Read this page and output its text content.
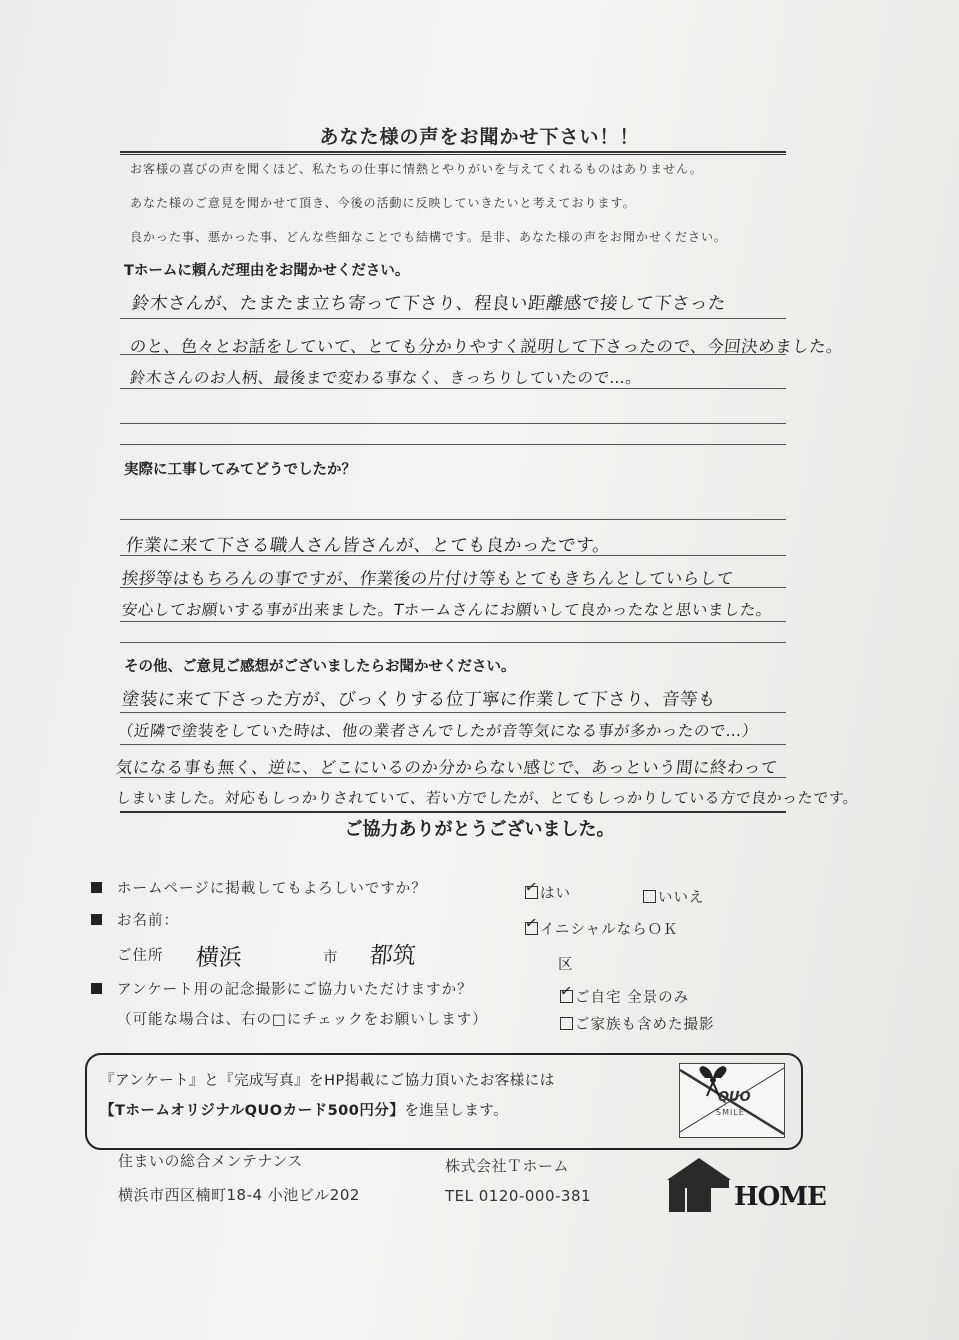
あなた様の声をお聞かせ下さい！！
お客様の喜びの声を聞くほど、私たちの仕事に情熱とやりがいを与えてくれるものはありません。
あなた様のご意見を聞かせて頂き、今後の活動に反映していきたいと考えております。
良かった事、悪かった事、どんな些細なことでも結構です。是非、あなた様の声をお聞かせください。
Tホームに頼んだ理由をお聞かせください。
鈴木さんが、たまたま立ち寄って下さり、程良い距離感で接して下さった
のと、色々とお話をしていて、とても分かりやすく説明して下さったので、今回決めました。
鈴木さんのお人柄、最後まで変わる事なく、きっちりしていたので…。
実際に工事してみてどうでしたか？
作業に来て下さる職人さん皆さんが、とても良かったです。
挨拶等はもちろんの事ですが、作業後の片付け等もとてもきちんとしていらして
安心してお願いする事が出来ました。Tホームさんにお願いして良かったなと思いました。
その他、ご意見ご感想がございましたらお聞かせください。
塗装に来て下さった方が、びっくりする位丁寧に作業して下さり、音等も
（近隣で塗装をしていた時は、他の業者さんでしたが音等気になる事が多かったので…）
気になる事も無く、逆に、どこにいるのか分からない感じで、あっという間に終わって
しまいました。対応もしっかりされていて、若い方でしたが、とてもしっかりしている方で良かったです。
ご協力ありがとうございました。
ホームページに掲載してもよろしいですか？	✓ はい	いいえ
お名前：	✓ イニシャルならＯＫ
ご住所 横浜	市 都筑	区
アンケート用の記念撮影にご協力いただけますか？
（可能な場合は、右の□にチェックをお願いします）
✓ ご自宅 全景のみ
ご家族も含めた撮影
『アンケート』と『完成写真』をHP掲載にご協力頂いたお客様には
【TホームオリジナルQUOカード500円分】を進呈します。
QUO
SMILE
住まいの総合メンテナンス
横浜市西区楠町18-4 小池ビル202
株式会社Ｔホーム
TEL 0120-000-381	HOME
